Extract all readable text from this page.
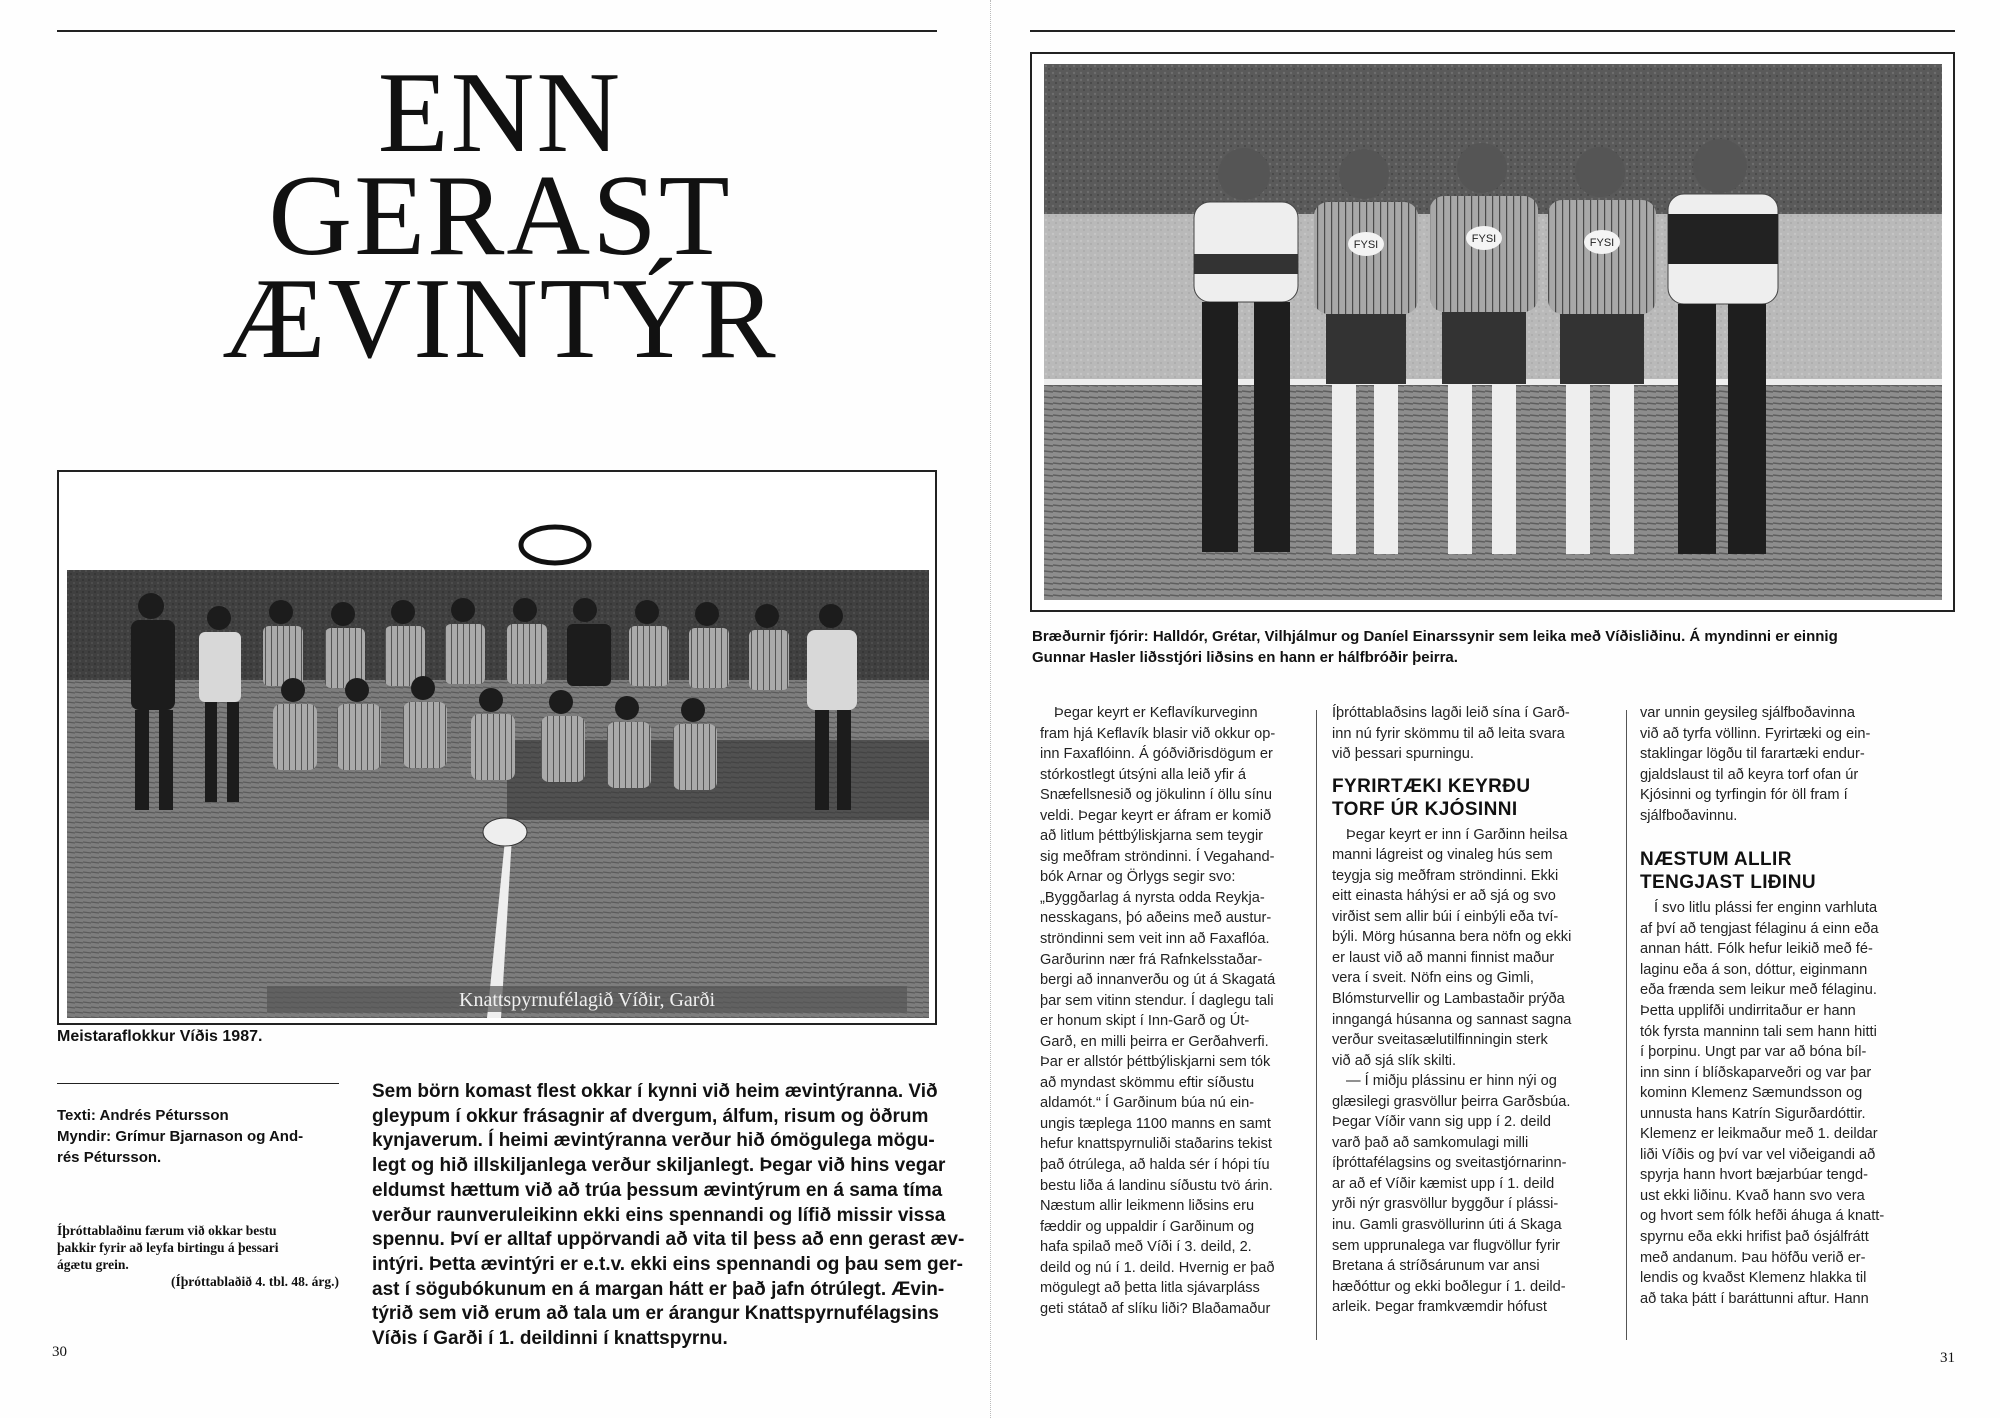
ENN
GERAST
ÆVINTÝR
Knattspyrnufélagið Víðir, Garði
Meistaraflokkur Víðis 1987.
Texti: Andrés Pétursson
Myndir: Grímur Bjarnason og And-
rés Pétursson.
Íþróttablaðinu færum við okkar bestu
þakkir fyrir að leyfa birtingu á þessari
ágætu grein.
(Íþróttablaðið 4. tbl. 48. árg.)
Sem börn komast flest okkar í kynni við heim ævintýranna. Við
gleypum í okkur frásagnir af dvergum, álfum, risum og öðrum
kynjaverum. Í heimi ævintýranna verður hið ómögulega mögu-
legt og hið illskiljanlega verður skiljanlegt. Þegar við hins vegar
eldumst hættum við að trúa þessum ævintýrum en á sama tíma
verður raunveruleikinn ekki eins spennandi og lífið missir vissa
spennu. Því er alltaf uppörvandi að vita til þess að enn gerast æv-
intýri. Þetta ævintýri er e.t.v. ekki eins spennandi og þau sem ger-
ast í sögubókunum en á margan hátt er það jafn ótrúlegt. Ævin-
týrið sem við erum að tala um er árangur Knattspyrnufélagsins
Víðis í Garði í 1. deildinni í knattspyrnu.
30
FYSI	FYSI	FYSI
Bræðurnir fjórir: Halldór, Grétar, Vilhjálmur og Daníel Einarssynir sem leika með Víðisliðinu. Á myndinni er einnig
Gunnar Hasler liðsstjóri liðsins en hann er hálfbróðir þeirra.
Þegar keyrt er Keflavíkurveginn
fram hjá Keflavík blasir við okkur op-
inn Faxaflóinn. Á góðviðrisdögum er
stórkostlegt útsýni alla leið yfir á
Snæfellsnesið og jökulinn í öllu sínu
veldi. Þegar keyrt er áfram er komið
að litlum þéttbýliskjarna sem teygir
sig meðfram ströndinni. Í Vegahand-
bók Arnar og Örlygs segir svo:
„Byggðarlag á nyrsta odda Reykja-
nesskagans, þó aðeins með austur-
ströndinni sem veit inn að Faxaflóa.
Garðurinn nær frá Rafnkelsstaðar-
bergi að innanverðu og út á Skagatá
þar sem vitinn stendur. Í daglegu tali
er honum skipt í Inn-Garð og Út-
Garð, en milli þeirra er Gerðahverfi.
Þar er allstór þéttbýliskjarni sem tók
að myndast skömmu eftir síðustu
aldamót.“ Í Garðinum búa nú ein-
ungis tæplega 1100 manns en samt
hefur knattspyrnuliði staðarins tekist
það ótrúlega, að halda sér í hópi tíu
bestu liða á landinu síðustu tvö árin.
Næstum allir leikmenn liðsins eru
fæddir og uppaldir í Garðinum og
hafa spilað með Víði í 3. deild, 2.
deild og nú í 1. deild. Hvernig er það
mögulegt að þetta litla sjávarpláss
geti státað af slíku liði? Blaðamaður
Íþróttablaðsins lagði leið sína í Garð-
inn nú fyrir skömmu til að leita svara
við þessari spurningu.
FYRIRTÆKI KEYRÐU
TORF ÚR KJÓSINNI
Þegar keyrt er inn í Garðinn heilsa
manni lágreist og vinaleg hús sem
teygja sig meðfram ströndinni. Ekki
eitt einasta háhýsi er að sjá og svo
virðist sem allir búi í einbýli eða tví-
býli. Mörg húsanna bera nöfn og ekki
er laust við að manni finnist maður
vera í sveit. Nöfn eins og Gimli,
Blómsturvellir og Lambastaðir prýða
inngangá húsanna og sannast sagna
verður sveitasælutilfinningin sterk
við að sjá slík skilti.
— Í miðju plássinu er hinn nýi og
glæsilegi grasvöllur þeirra Garðsbúa.
Þegar Víðir vann sig upp í 2. deild
varð það að samkomulagi milli
íþróttafélagsins og sveitastjórnarinn-
ar að ef Víðir kæmist upp í 1. deild
yrði nýr grasvöllur byggður í plássi-
inu. Gamli grasvöllurinn úti á Skaga
sem upprunalega var flugvöllur fyrir
Bretana á stríðsárunum var ansi
hæðóttur og ekki boðlegur í 1. deild-
arleik. Þegar framkvæmdir hófust
var unnin geysileg sjálfboðavinna
við að tyrfa völlinn. Fyrirtæki og ein-
staklingar lögðu til farartæki endur-
gjaldslaust til að keyra torf ofan úr
Kjósinni og tyrfingin fór öll fram í
sjálfboðavinnu.
NÆSTUM ALLIR
TENGJAST LIÐINU
Í svo litlu plássi fer enginn varhluta
af því að tengjast félaginu á einn eða
annan hátt. Fólk hefur leikið með fé-
laginu eða á son, dóttur, eiginmann
eða frænda sem leikur með félaginu.
Þetta upplifði undirritaður er hann
tók fyrsta manninn tali sem hann hitti
í þorpinu. Ungt par var að bóna bíl-
inn sinn í blíðskaparveðri og var þar
kominn Klemenz Sæmundsson og
unnusta hans Katrín Sigurðardóttir.
Klemenz er leikmaður með 1. deildar
liði Víðis og því var vel viðeigandi að
spyrja hann hvort bæjarbúar tengd-
ust ekki liðinu. Kvað hann svo vera
og hvort sem fólk hefði áhuga á knatt-
spyrnu eða ekki hrifist það ósjálfrátt
með andanum. Þau höfðu verið er-
lendis og kvaðst Klemenz hlakka til
að taka þátt í baráttunni aftur. Hann
31
